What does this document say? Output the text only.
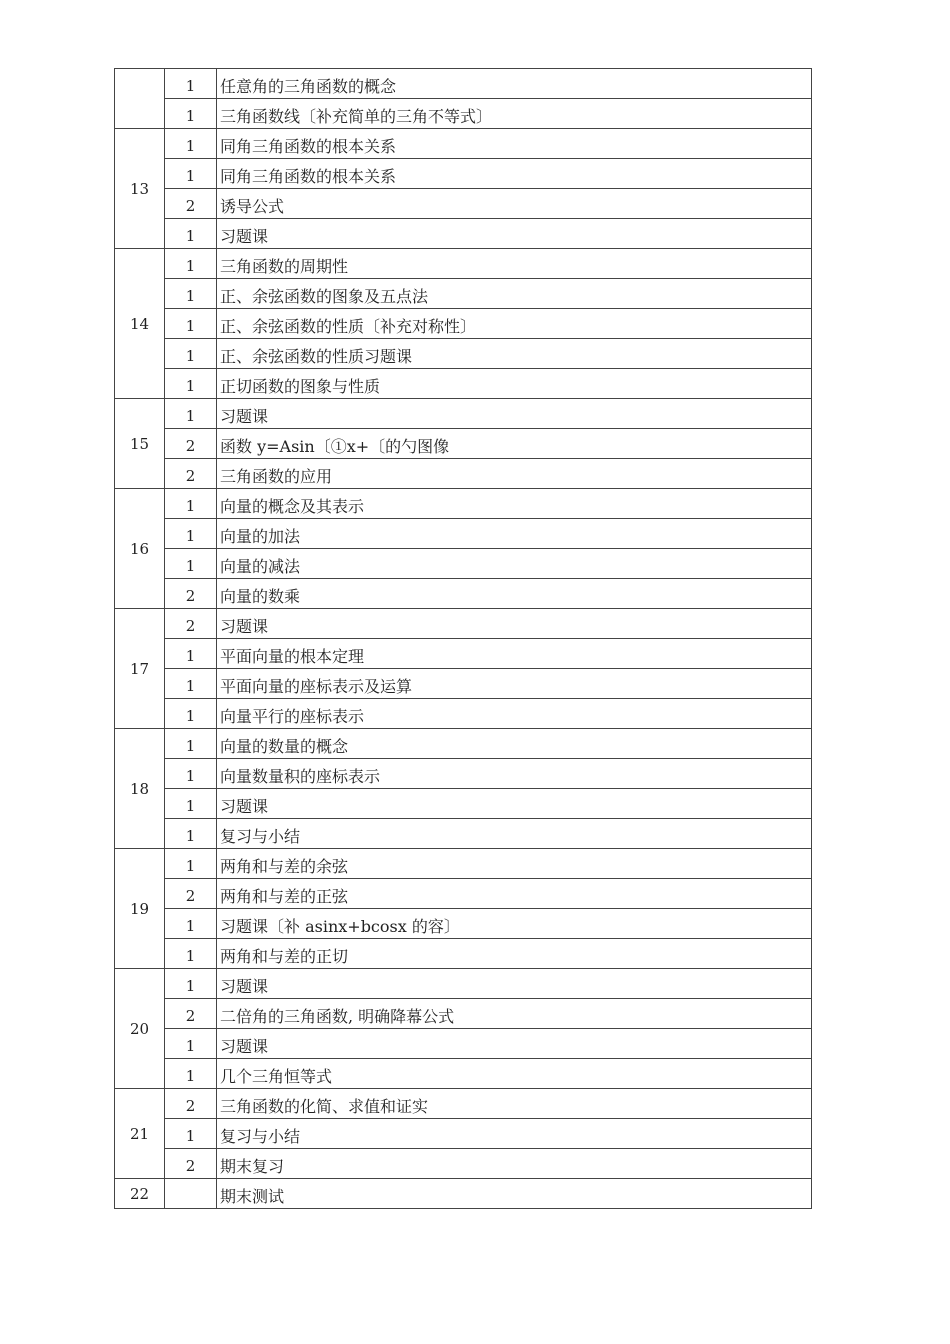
	1	任意角的三角函数的概念
	1	三角函数线〔补充简单的三角不等式〕
13	1	同角三角函数的根本关系
	1	同角三角函数的根本关系
	2	诱导公式
	1	习题课
14	1	三角函数的周期性
	1	正、余弦函数的图象及五点法
	1	正、余弦函数的性质〔补充对称性〕
	1	正、余弦函数的性质习题课
	1	正切函数的图象与性质
15	1	习题课
	2	函数 y=Asin〔①x+〔的勺图像
	2	三角函数的应用
16	1	向量的概念及其表示
	1	向量的加法
	1	向量的减法
	2	向量的数乘
17	2	习题课
	1	平面向量的根本定理
	1	平面向量的座标表示及运算
	1	向量平行的座标表示
18	1	向量的数量的概念
	1	向量数量积的座标表示
	1	习题课
	1	复习与小结
19	1	两角和与差的余弦
	2	两角和与差的正弦
	1	习题课〔补 asinx+bcosx 的容〕
	1	两角和与差的正切
20	1	习题课
	2	二倍角的三角函数, 明确降幕公式
	1	习题课
	1	几个三角恒等式
21	2	三角函数的化简、求值和证实
	1	复习与小结
	2	期末复习
22		期末测试
